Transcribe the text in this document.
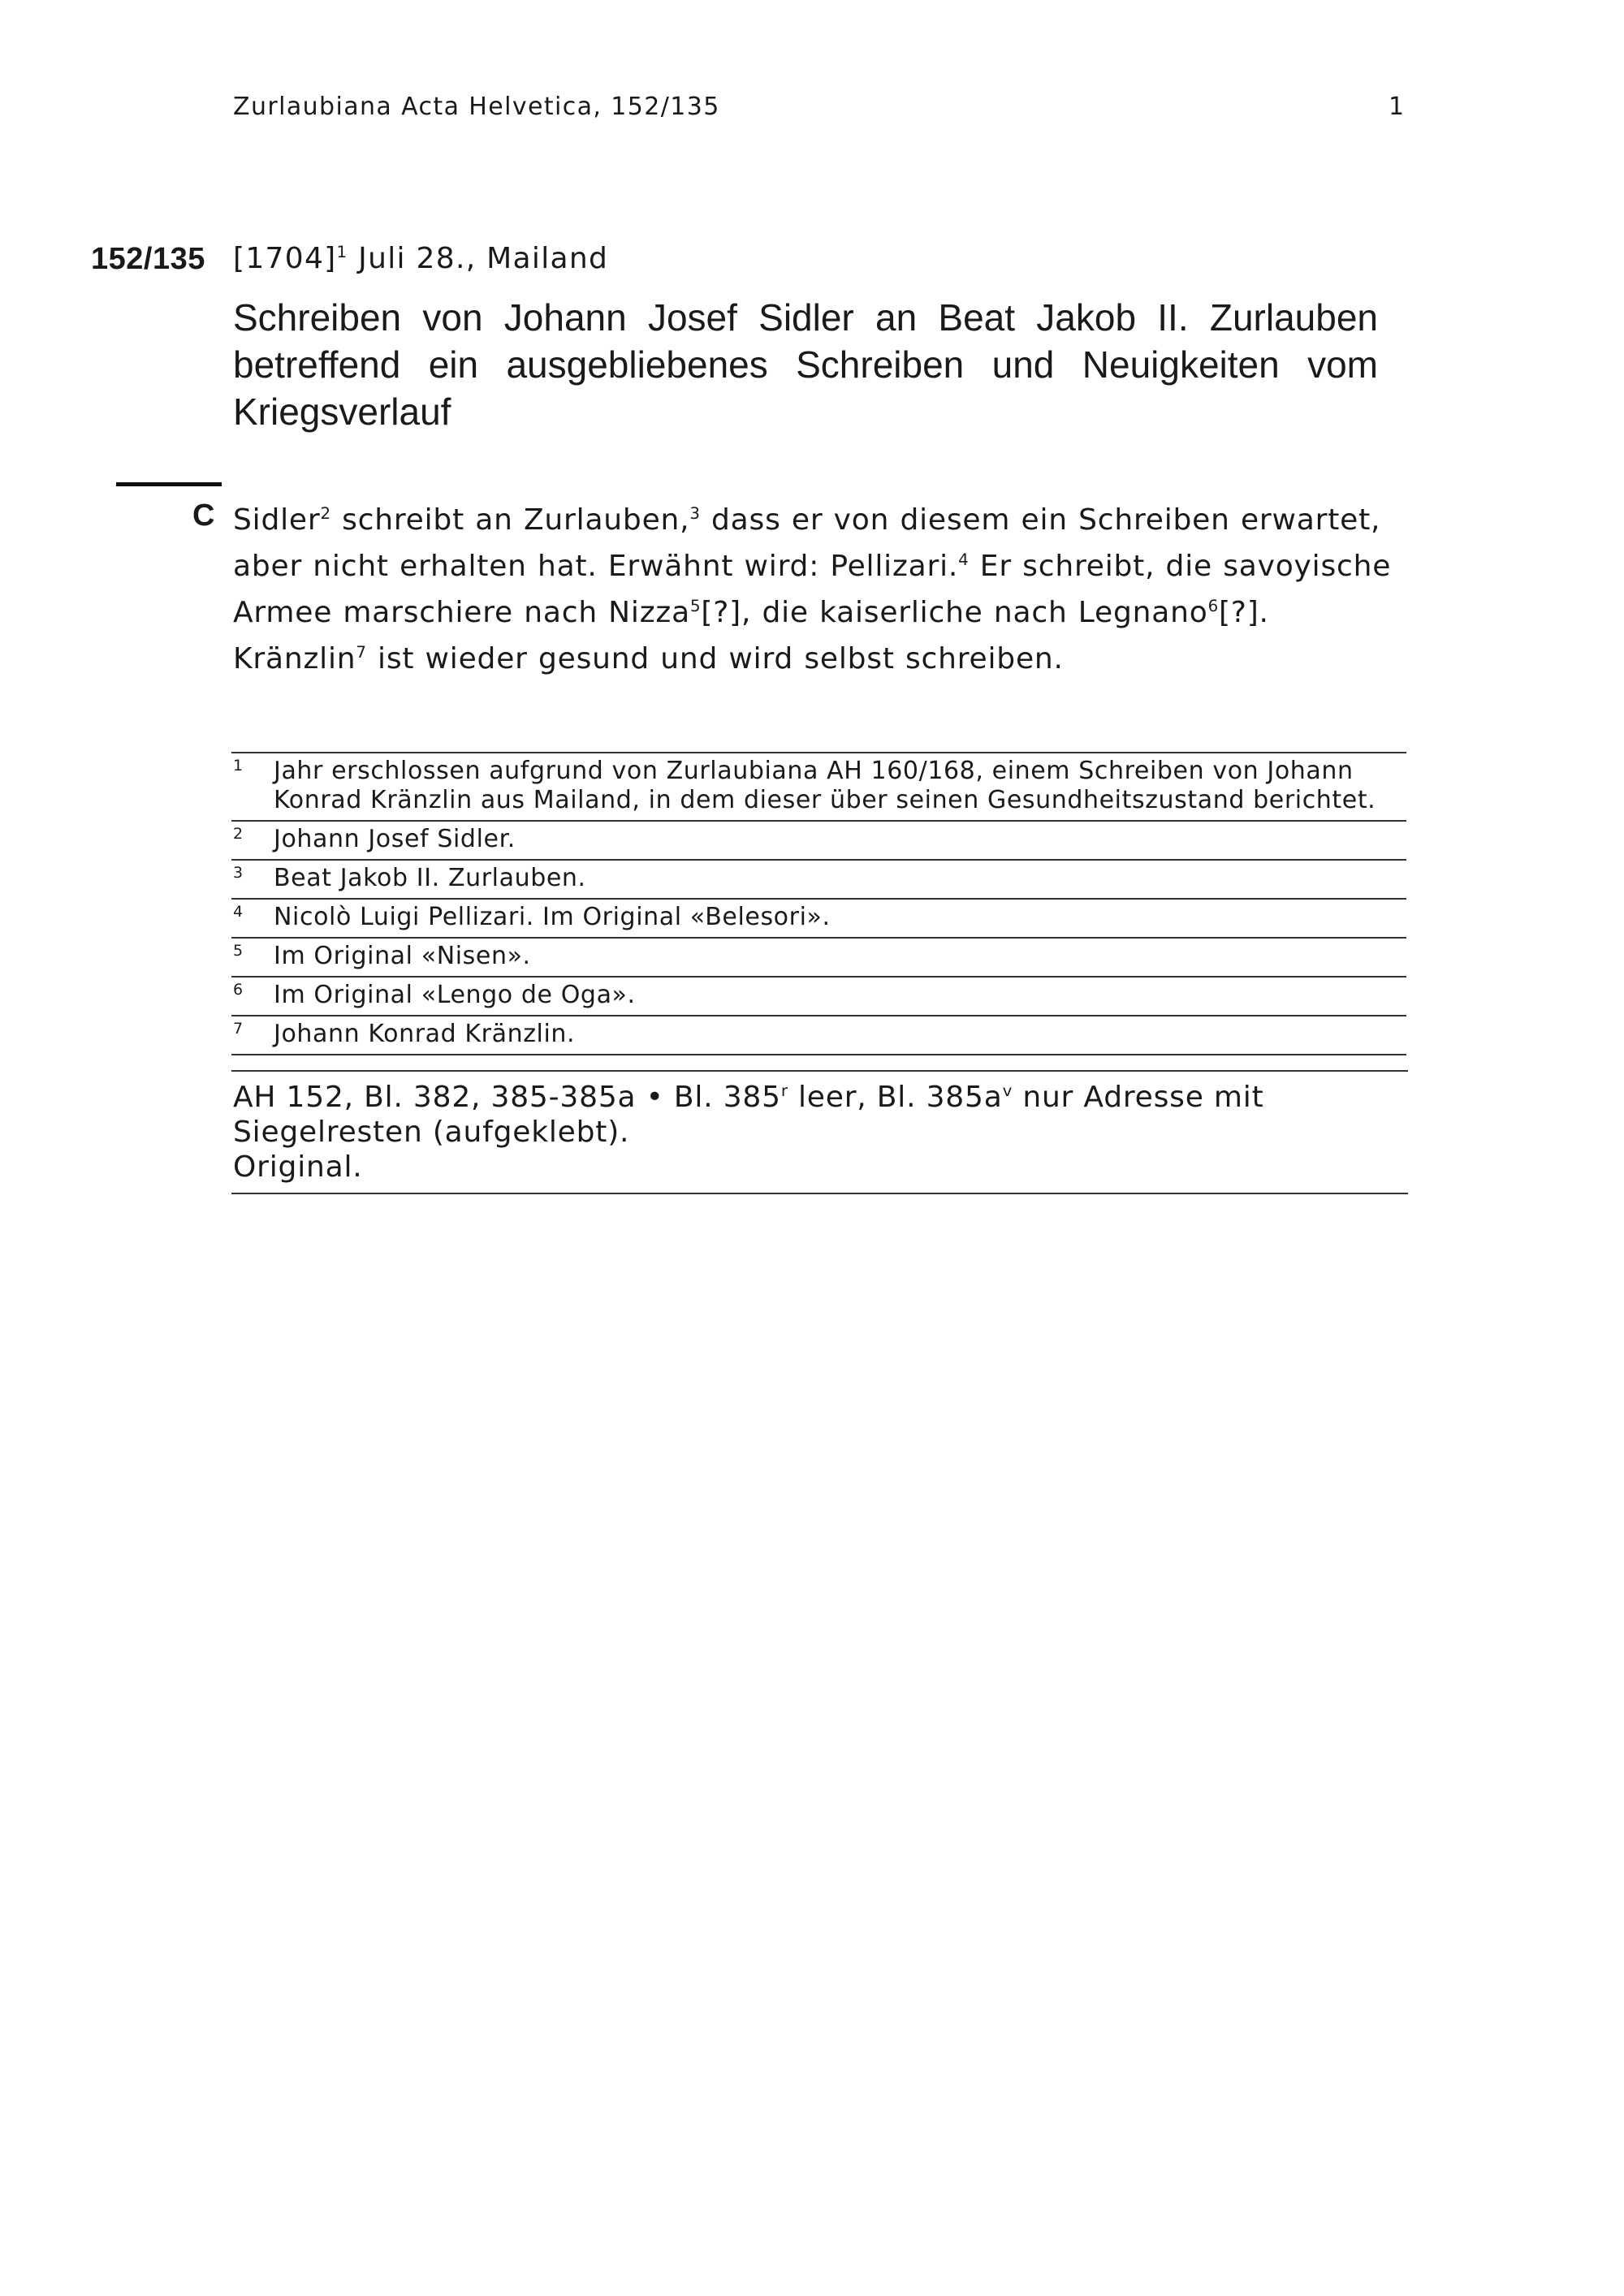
Zurlaubiana Acta Helvetica, 152/135	1
152/135 $[1704]^1$ Juli 28., Mailand
Schreiben von Johann Josef Sidler an Beat Jakob II. Zurlauben betreffend ein ausgebliebenes Schreiben und Neuigkeiten vom Kriegsverlauf
C Sidler$^2$ schreibt an Zurlauben,$^3$ dass er von diesem ein Schreiben erwartet, aber nicht erhalten hat. Erwähnt wird: Pellizari.$^4$ Er schreibt, die savoyische Armee marschiere nach Nizza$^5$[?], die kaiserliche nach Legnano$^6$[?]. Kränzlin$^7$ ist wieder gesund und wird selbst schreiben.

1	Jahr erschlossen aufgrund von Zurlaubiana AH 160/168, einem Schreiben von Johann Konrad Kränzlin aus Mailand, in dem dieser über seinen Gesundheitszustand berichtet.
2	Johann Josef Sidler.
3	Beat Jakob II. Zurlauben.
4	Nicolò Luigi Pellizari. Im Original «Belesori».
5	Im Original «Nisen».
6	Im Original «Lengo de Oga».
7	Johann Konrad Kränzlin.
AH 152, Bl. 382, 385-385a • Bl. 385$^r$ leer, Bl. $385a^v$ nur Adresse mit Siegelresten (aufgeklebt).
Original.
